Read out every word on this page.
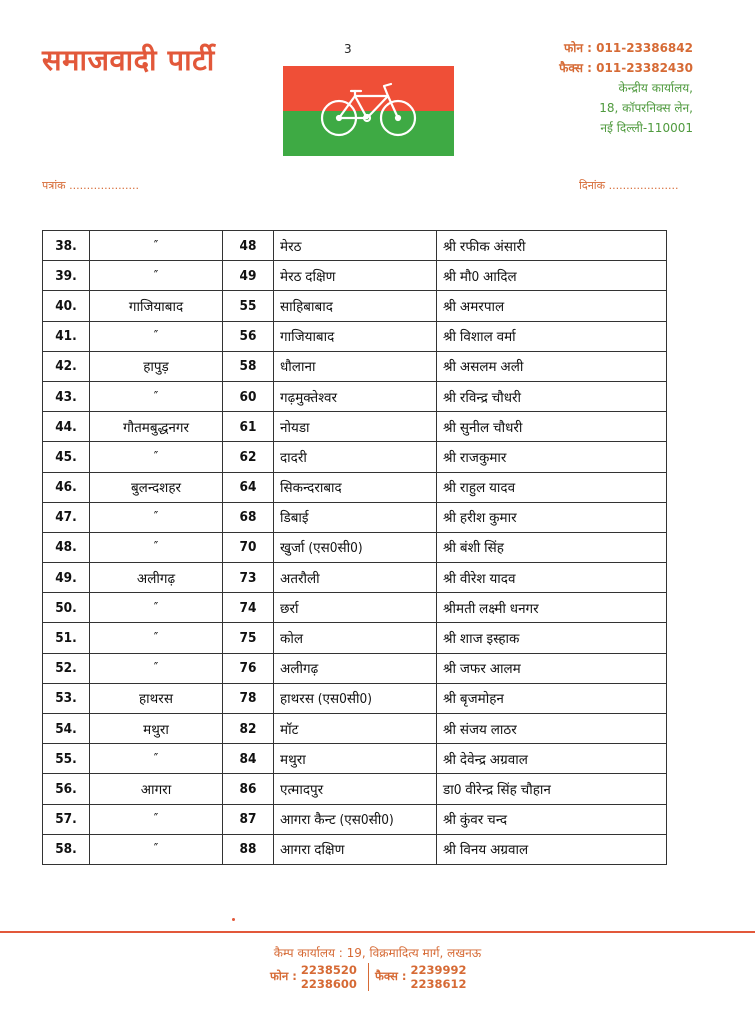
समाजवादी पार्टी	3	फोन : 011-23386842
फैक्स : 011-23382430
केन्द्रीय कार्यालय,
18, कॉपरनिक्स लेन,
नई दिल्ली-110001
पत्रांक ....................	दिनांक ....................
38.	″	48	मेरठ	श्री रफीक अंसारी
39.	″	49	मेरठ दक्षिण	श्री मौ0 आदिल
40.	गाजियाबाद	55	साहिबाबाद	श्री अमरपाल
41.	″	56	गाजियाबाद	श्री विशाल वर्मा
42.	हापुड़	58	धौलाना	श्री असलम अली
43.	″	60	गढ़मुक्तेश्वर	श्री रविन्द्र चौधरी
44.	गौतमबुद्धनगर	61	नोयडा	श्री सुनील चौधरी
45.	″	62	दादरी	श्री राजकुमार
46.	बुलन्दशहर	64	सिकन्दराबाद	श्री राहुल यादव
47.	″	68	डिबाई	श्री हरीश कुमार
48.	″	70	खुर्जा (एस0सी0)	श्री बंशी सिंह
49.	अलीगढ़	73	अतरौली	श्री वीरेश यादव
50.	″	74	छर्रा	श्रीमती लक्ष्मी धनगर
51.	″	75	कोल	श्री शाज इस्हाक
52.	″	76	अलीगढ़	श्री जफर आलम
53.	हाथरस	78	हाथरस (एस0सी0)	श्री बृजमोहन
54.	मथुरा	82	मॉट	श्री संजय लाठर
55.	″	84	मथुरा	श्री देवेन्द्र अग्रवाल
56.	आगरा	86	एत्मादपुर	डा0 वीरेन्द्र सिंह चौहान
57.	″	87	आगरा कैन्ट (एस0सी0)	श्री कुंवर चन्द
58.	″	88	आगरा दक्षिण	श्री विनय अग्रवाल
कैम्प कार्यालय : 19, विक्रमादित्य मार्ग, लखनऊ
फोन : 2238520
2238600
फैक्स : 2239992
2238612
